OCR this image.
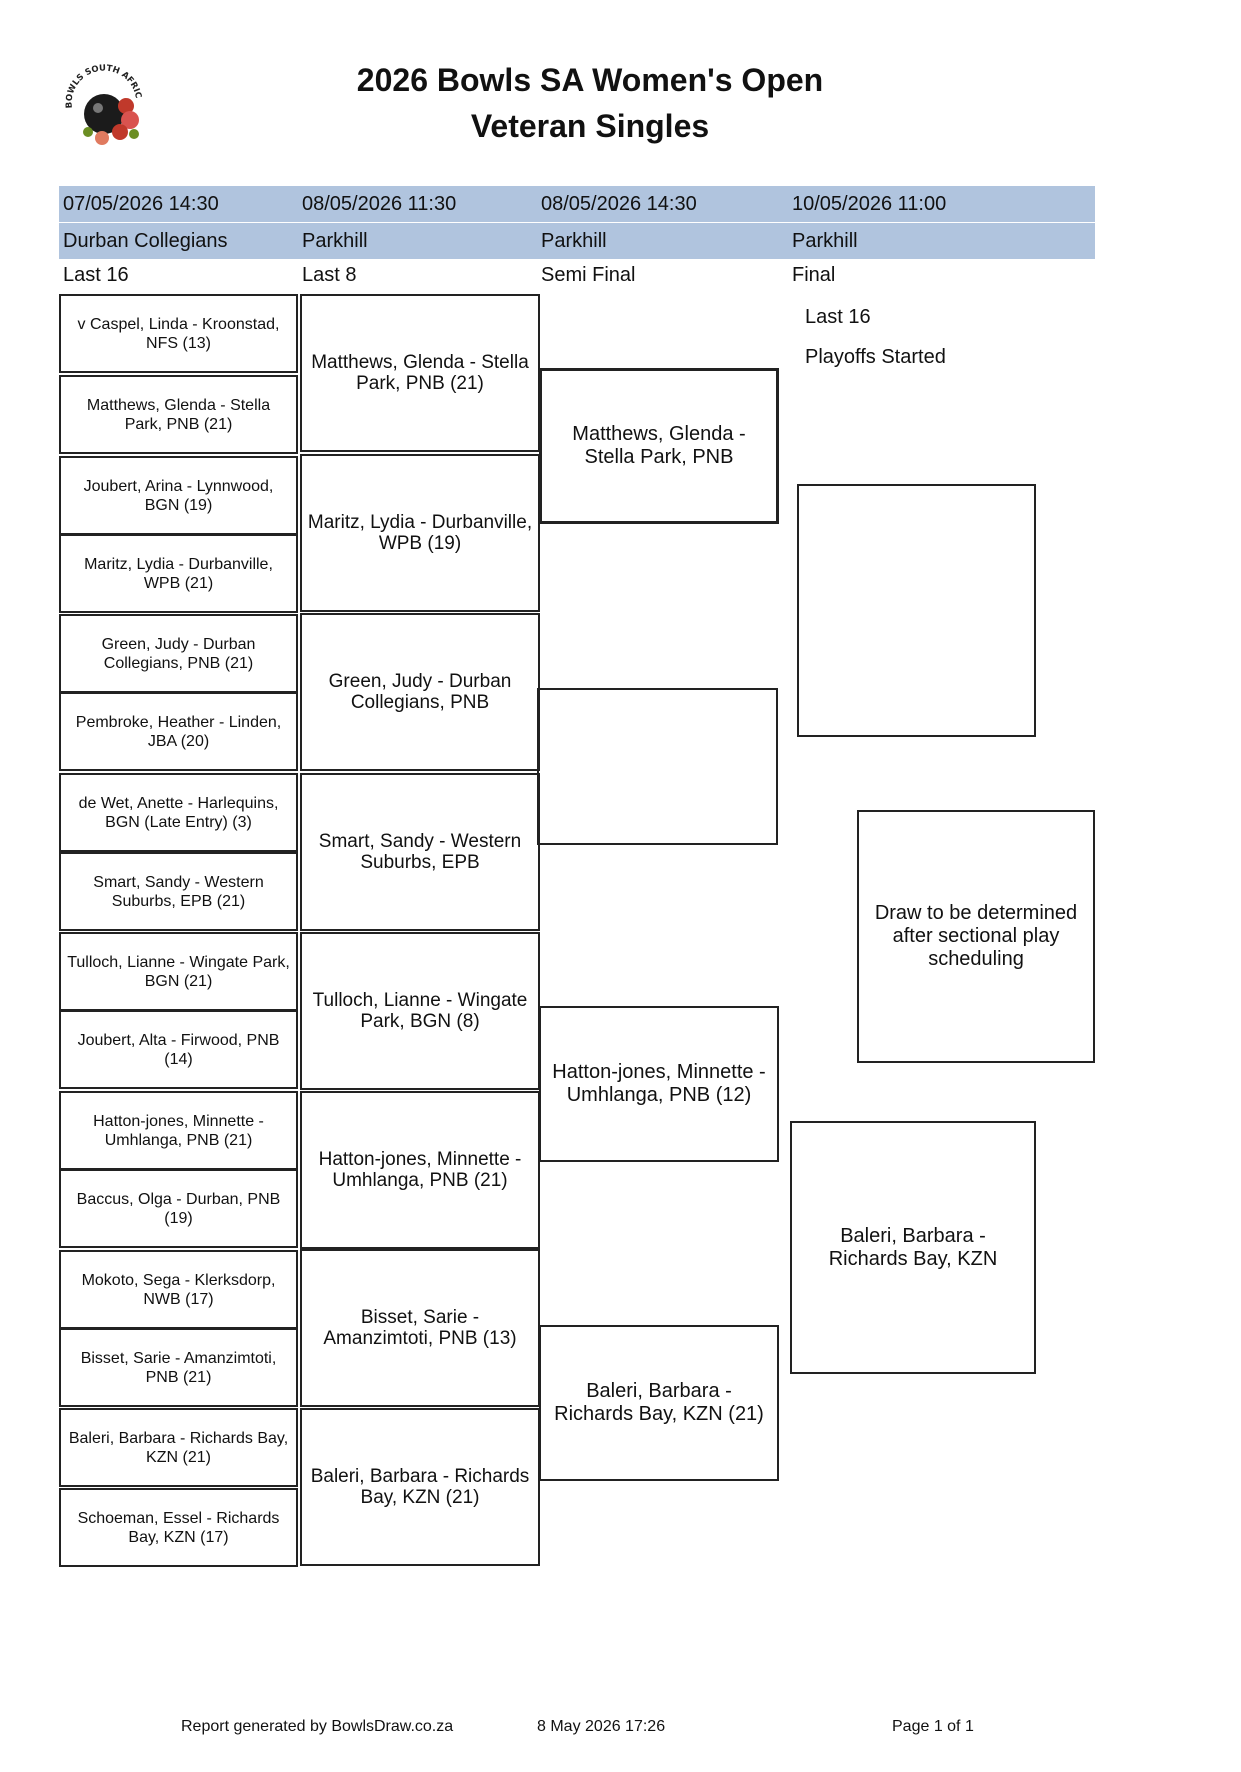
BOWLS SOUTH AFRIC	2026 Bowls SA Women's Open
Veteran Singles
07/05/2026 14:30	08/05/2026 11:30	08/05/2026 14:30	10/05/2026 11:00
Durban Collegians	Parkhill	Parkhill	Parkhill
Last 16	Last 8	Semi Final	Final
Last 16
Playoffs Started
v Caspel, Linda - Kroonstad, NFS (13)
Matthews, Glenda - Stella Park, PNB (21)
Joubert, Arina - Lynnwood, BGN (19)
Maritz, Lydia - Durbanville, WPB (21)
Green, Judy - Durban Collegians, PNB (21)
Pembroke, Heather - Linden, JBA (20)
de Wet, Anette - Harlequins, BGN (Late Entry) (3)
Smart, Sandy - Western Suburbs, EPB (21)
Tulloch, Lianne - Wingate Park, BGN (21)
Joubert, Alta - Firwood, PNB (14)
Hatton-jones, Minnette - Umhlanga, PNB (21)
Baccus, Olga - Durban, PNB (19)
Mokoto, Sega - Klerksdorp, NWB (17)
Bisset, Sarie - Amanzimtoti, PNB (21)
Baleri, Barbara - Richards Bay, KZN (21)
Schoeman, Essel - Richards Bay, KZN (17)
Matthews, Glenda - Stella Park, PNB (21)
Maritz, Lydia - Durbanville, WPB (19)
Green, Judy - Durban Collegians, PNB
Smart, Sandy - Western Suburbs, EPB
Tulloch, Lianne - Wingate Park, BGN (8)
Hatton-jones, Minnette - Umhlanga, PNB (21)
Bisset, Sarie - Amanzimtoti, PNB (13)
Baleri, Barbara - Richards Bay, KZN (21)
Matthews, Glenda - Stella Park, PNB
Hatton-jones, Minnette - Umhlanga, PNB (12)
Baleri, Barbara - Richards Bay, KZN (21)
Draw to be determined after sectional play scheduling
Baleri, Barbara - Richards Bay, KZN
Report generated by BowlsDraw.co.za	8 May 2026 17:26	Page 1 of 1
